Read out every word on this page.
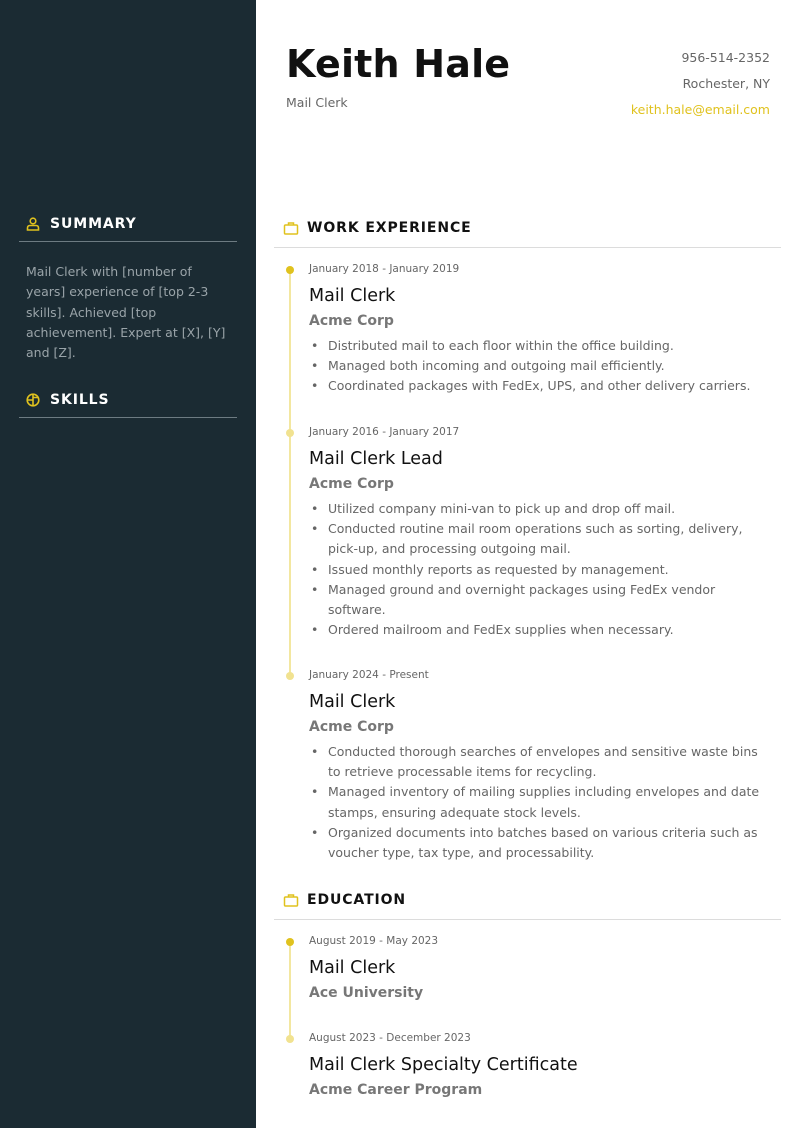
SUMMARY
Mail Clerk with [number of years] experience of [top 2-3 skills]. Achieved [top achievement]. Expert at [X], [Y] and [Z].
SKILLS
Keith Hale
Mail Clerk
956-514-2352
Rochester, NY
keith.hale@email.com
WORK EXPERIENCE
January 2018 - January 2019
Mail Clerk
Acme Corp
• Distributed mail to each floor within the office building.
• Managed both incoming and outgoing mail efficiently.
• Coordinated packages with FedEx, UPS, and other delivery carriers.
January 2016 - January 2017
Mail Clerk Lead
Acme Corp
• Utilized company mini-van to pick up and drop off mail.
• Conducted routine mail room operations such as sorting, delivery, pick-up, and processing outgoing mail.
• Issued monthly reports as requested by management.
• Managed ground and overnight packages using FedEx vendor software.
• Ordered mailroom and FedEx supplies when necessary.
January 2024 - Present
Mail Clerk
Acme Corp
• Conducted thorough searches of envelopes and sensitive waste bins to retrieve processable items for recycling.
• Managed inventory of mailing supplies including envelopes and date stamps, ensuring adequate stock levels.
• Organized documents into batches based on various criteria such as voucher type, tax type, and processability.
EDUCATION
August 2019 - May 2023
Mail Clerk
Ace University
August 2023 - December 2023
Mail Clerk Specialty Certificate
Acme Career Program
